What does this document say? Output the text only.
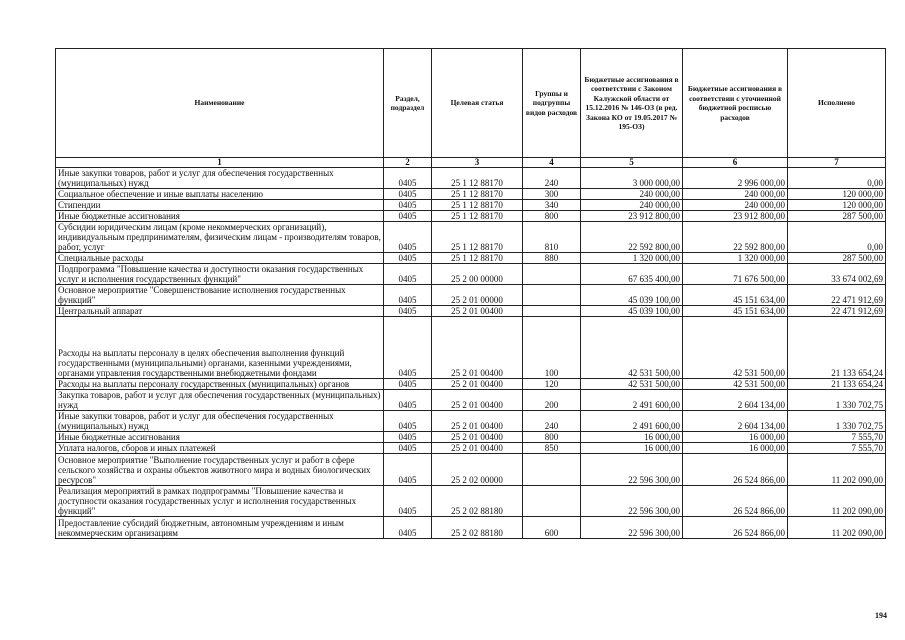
Наименование	Раздел, подраздел	Целевая статья	Группы и подгруппы видов расходов	Бюджетные ассигнования в соответствии с Законом Калужской области от 15.12.2016 № 146-ОЗ (в ред. Закона КО от 19.05.2017 № 195-ОЗ)	Бюджетные ассигнования в соответствии с уточненной бюджетной росписью расходов	Исполнено
1	2	3	4	5	6	7
Иные закупки товаров, работ и услуг для обеспечения государственных (муниципальных) нужд	0405	25 1 12 88170	240	3 000 000,00	2 996 000,00	0,00
Социальное обеспечение и иные выплаты населению	0405	25 1 12 88170	300	240 000,00	240 000,00	120 000,00
Стипендии	0405	25 1 12 88170	340	240 000,00	240 000,00	120 000,00
Иные бюджетные ассигнования	0405	25 1 12 88170	800	23 912 800,00	23 912 800,00	287 500,00
Субсидии юридическим лицам (кроме некоммерческих организаций), индивидуальным предпринимателям, физическим лицам - производителям товаров, работ, услуг	0405	25 1 12 88170	810	22 592 800,00	22 592 800,00	0,00
Специальные расходы	0405	25 1 12 88170	880	1 320 000,00	1 320 000,00	287 500,00
Подпрограмма "Повышение качества и доступности оказания государственных услуг и исполнения государственных функций"	0405	25 2 00 00000		67 635 400,00	71 676 500,00	33 674 002,69
Основное мероприятие "Совершенствование исполнения государственных функций"	0405	25 2 01 00000		45 039 100,00	45 151 634,00	22 471 912,69
Центральный аппарат	0405	25 2 01 00400		45 039 100,00	45 151 634,00	22 471 912,69
Расходы на выплаты персоналу в целях обеспечения выполнения функций государственными (муниципальными) органами, казенными учреждениями, органами управления государственными внебюджетными фондами	0405	25 2 01 00400	100	42 531 500,00	42 531 500,00	21 133 654,24
Расходы на выплаты персоналу государственных (муниципальных) органов	0405	25 2 01 00400	120	42 531 500,00	42 531 500,00	21 133 654,24
Закупка товаров, работ и услуг для обеспечения государственных (муниципальных) нужд	0405	25 2 01 00400	200	2 491 600,00	2 604 134,00	1 330 702,75
Иные закупки товаров, работ и услуг для обеспечения государственных (муниципальных) нужд	0405	25 2 01 00400	240	2 491 600,00	2 604 134,00	1 330 702,75
Иные бюджетные ассигнования	0405	25 2 01 00400	800	16 000,00	16 000,00	7 555,70
Уплата налогов, сборов и иных платежей	0405	25 2 01 00400	850	16 000,00	16 000,00	7 555,70
Основное мероприятие "Выполнение государственных услуг и работ в сфере сельского хозяйства и охраны объектов животного мира и водных биологических ресурсов"	0405	25 2 02 00000		22 596 300,00	26 524 866,00	11 202 090,00
Реализация мероприятий в рамках подпрограммы "Повышение качества и доступности оказания государственных услуг и исполнения государственных функций"	0405	25 2 02 88180		22 596 300,00	26 524 866,00	11 202 090,00
Предоставление субсидий бюджетным, автономным учреждениям и иным некоммерческим организациям	0405	25 2 02 88180	600	22 596 300,00	26 524 866,00	11 202 090,00
194
